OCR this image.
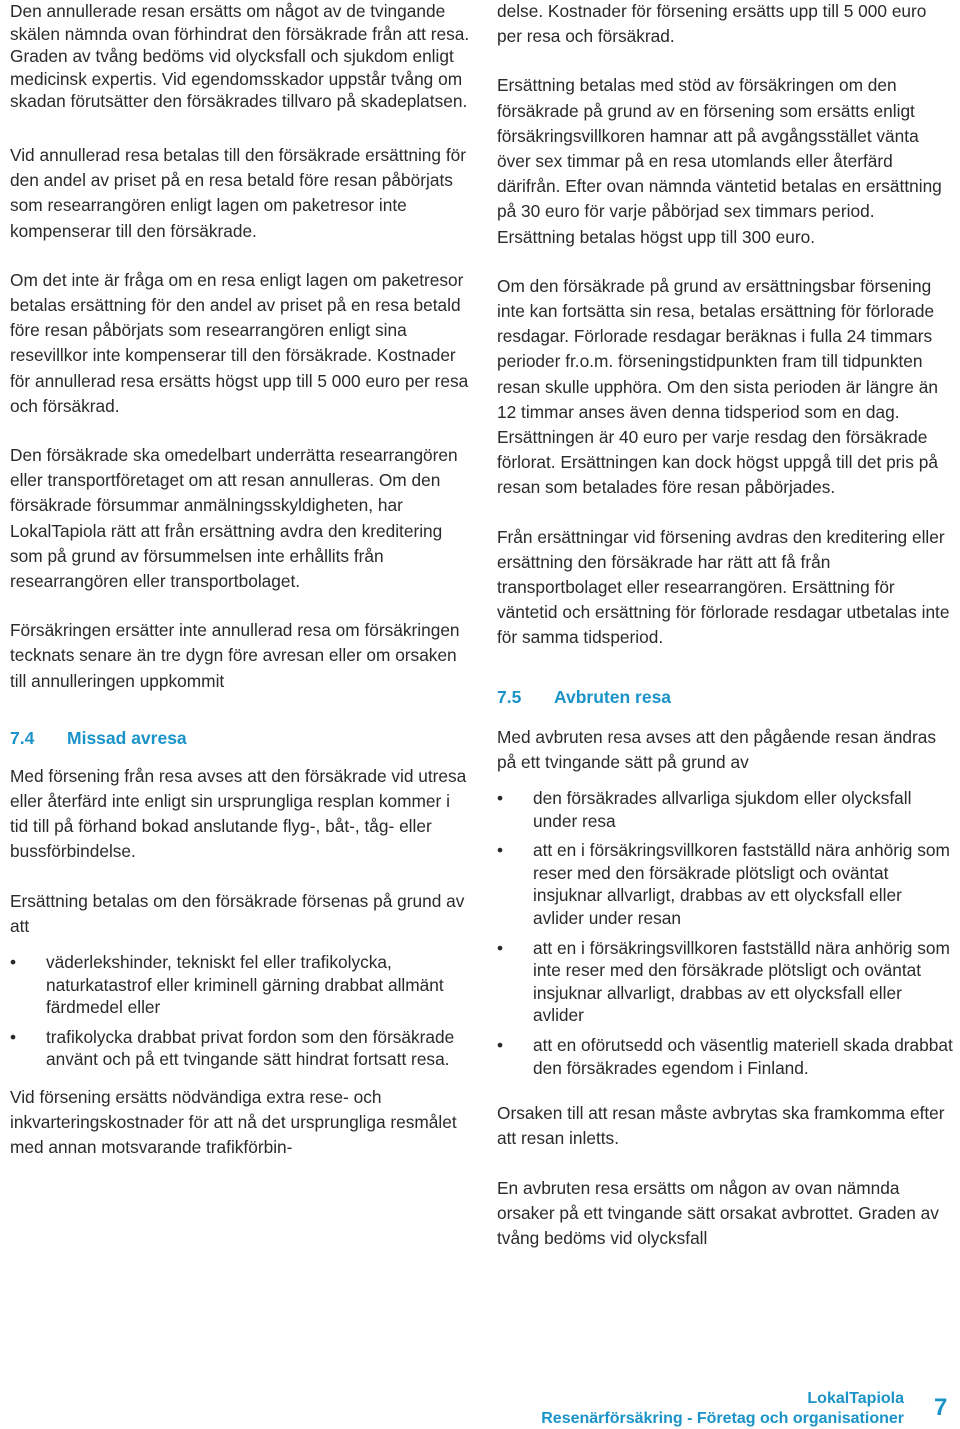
Den annullerade resan ersätts om något av de tvingande skälen nämnda ovan förhindrat den försäkrade från att resa. Graden av tvång bedöms vid olycksfall och sjukdom enligt medicinsk expertis. Vid egendomsskador uppstår tvång om skadan förutsätter den försäkrades tillvaro på skadeplatsen.

Vid annullerad resa betalas till den försäkrade ersättning för den andel av priset på en resa betald före resan påbörjats som researrangören enligt lagen om paketresor inte kompenserar till den försäkrade.

Om det inte är fråga om en resa enligt lagen om paketresor betalas ersättning för den andel av priset på en resa betald före resan påbörjats som researrangören enligt sina resevillkor inte kompenserar till den försäkrade. Kostnader för annullerad resa ersätts högst upp till 5 000 euro per resa och försäkrad.

Den försäkrade ska omedelbart underrätta researrangören eller transportföretaget om att resan annulleras. Om den försäkrade försummar anmälningsskyldigheten, har LokalTapiola rätt att från ersättning avdra den kreditering som på grund av försummelsen inte erhållits från researrangören eller transportbolaget.

Försäkringen ersätter inte annullerad resa om försäkringen tecknats senare än tre dygn före avresan eller om orsaken till annulleringen uppkommit

7.4 Missad avresa

Med försening från resa avses att den försäkrade vid utresa eller återfärd inte enligt sin ursprungliga resplan kommer i tid till på förhand bokad anslutande flyg-, båt-, tåg- eller bussförbindelse.

Ersättning betalas om den försäkrade försenas på grund av att

• väderlekshinder, tekniskt fel eller trafikolycka, naturkatastrof eller kriminell gärning drabbat allmänt färdmedel eller
• trafikolycka drabbat privat fordon som den försäkrade använt och på ett tvingande sätt hindrat fortsatt resa.

Vid försening ersätts nödvändiga extra rese- och inkvarteringskostnader för att nå det ursprungliga resmålet med annan motsvarande trafikförbin-

delse. Kostnader för försening ersätts upp till 5 000 euro per resa och försäkrad.

Ersättning betalas med stöd av försäkringen om den försäkrade på grund av en försening som ersätts enligt försäkringsvillkoren hamnar att på avgångsstället vänta över sex timmar på en resa utomlands eller återfärd därifrån. Efter ovan nämnda väntetid betalas en ersättning på 30 euro för varje påbörjad sex timmars period. Ersättning betalas högst upp till 300 euro.

Om den försäkrade på grund av ersättningsbar försening inte kan fortsätta sin resa, betalas ersättning för förlorade resdagar. Förlorade resdagar beräknas i fulla 24 timmars perioder fr.o.m. förseningstidpunkten fram till tidpunkten resan skulle upphöra. Om den sista perioden är längre än 12 timmar anses även denna tidsperiod som en dag. Ersättningen är 40 euro per varje resdag den försäkrade förlorat. Ersättningen kan dock högst uppgå till det pris på resan som betalades före resan påbörjades.

Från ersättningar vid försening avdras den kreditering eller ersättning den försäkrade har rätt att få från transportbolaget eller researrangören. Ersättning för väntetid och ersättning för förlorade resdagar utbetalas inte för samma tidsperiod.

7.5 Avbruten resa

Med avbruten resa avses att den pågående resan ändras på ett tvingande sätt på grund av

• den försäkrades allvarliga sjukdom eller olycksfall under resa
• att en i försäkringsvillkoren fastställd nära anhörig som reser med den försäkrade plötsligt och oväntat insjuknar allvarligt, drabbas av ett olycksfall eller avlider under resan
• att en i försäkringsvillkoren fastställd nära anhörig som inte reser med den försäkrade plötsligt och oväntat insjuknar allvarligt, drabbas av ett olycksfall eller avlider
• att en oförutsedd och väsentlig materiell skada drabbat den försäkrades egendom i Finland.

Orsaken till att resan måste avbrytas ska framkomma efter att resan inletts.

En avbruten resa ersätts om någon av ovan nämnda orsaker på ett tvingande sätt orsakat avbrottet. Graden av tvång bedöms vid olycksfall

LokalTapiola
Resenärförsäkring - Företag och organisationer 7
